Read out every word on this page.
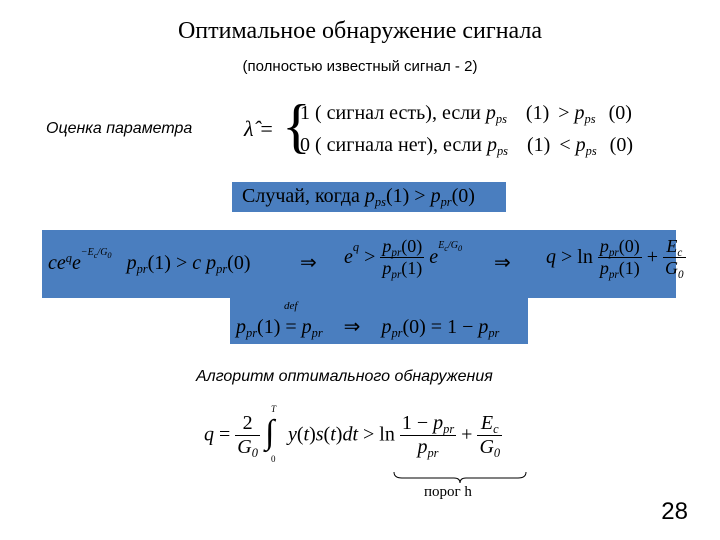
Оптимальное обнаружение сигнала
(полностью известный сигнал - 2)
Оценка параметра λ̂ = {
1 ( сигнал есть), если $p_{ps}$ $(1) > p_{ps}$ (0)
0 ( сигнала нет), если $p_{ps}$ $(1) < p_{ps}$ (0)
Случай, когда $p_{ps}(1) > p_{pr}(0)$
$ce^qe^{-E_c/G_0}$ $p_{pr}(1) > c$ $p_{pr}(0)$ ⇒ $e^q > \frac{p_{pr}(0)}{p_{pr}(1)} e^{E_c/G_0}$
⇒ $q > \ln \frac{p_{pr}(0)}{p_{pr}(1)} + \frac{E_c}{G_0}$
def
$p_{pr}(1) = p_{pr}$ ⇒ $p_{pr}(0) = 1 - p_{pr}$
Алгоритм оптимального обнаружения
$q = \frac{2}{G_0}$

T
∫
0
$y(t)s(t)dt > \ln \frac{1 - p_{pr}}{p_{pr}} + \frac{E_c}{G_0}$
порог h
28
